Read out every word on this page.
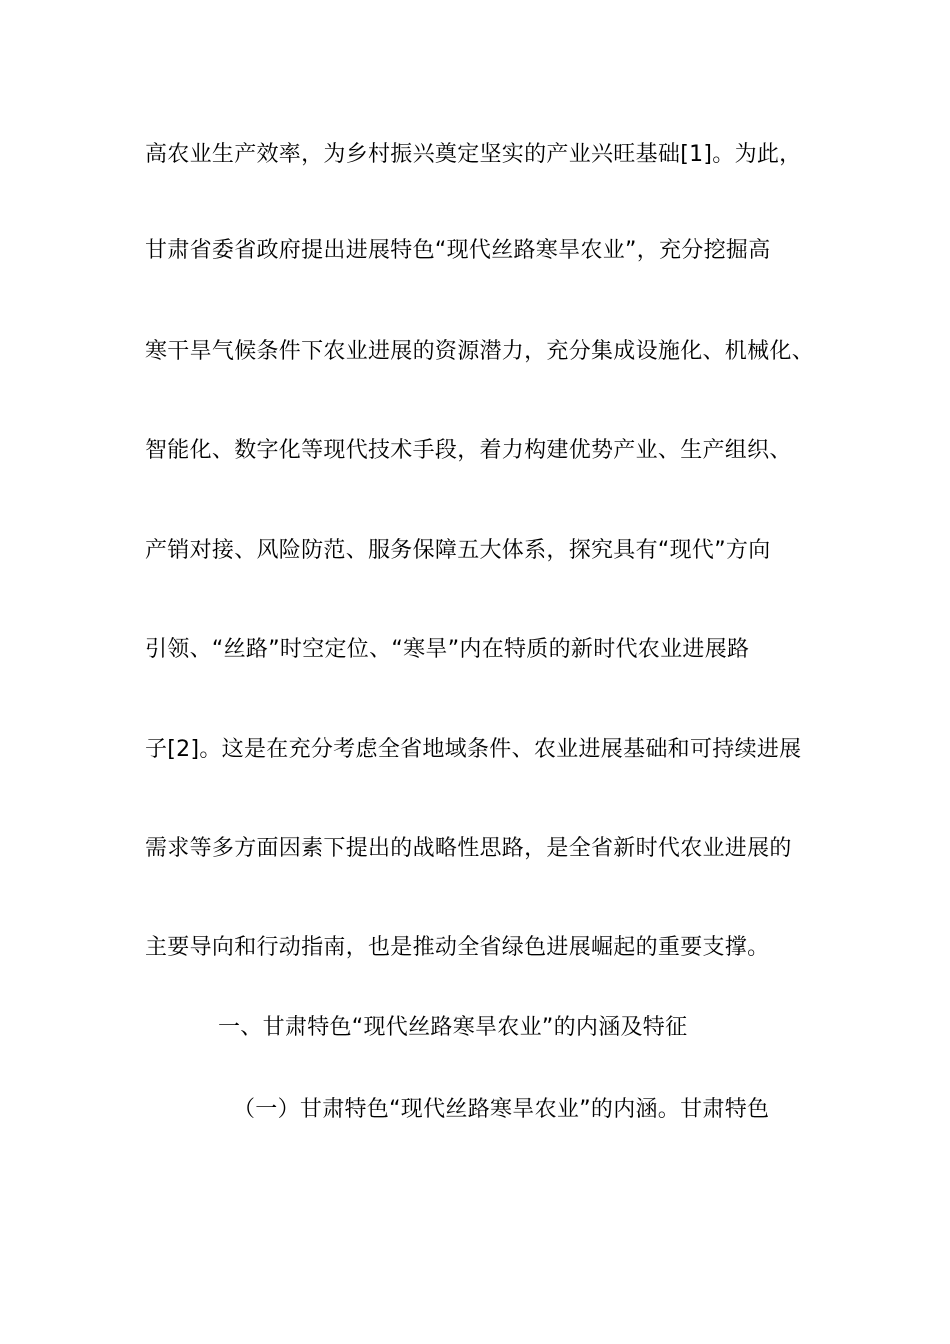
高农业生产效率，为乡村振兴奠定坚实的产业兴旺基础[1]。为此，
甘肃省委省政府提出进展特色“现代丝路寒旱农业”，充分挖掘高
寒干旱气候条件下农业进展的资源潜力，充分集成设施化、机械化、
智能化、数字化等现代技术手段，着力构建优势产业、生产组织、
产销对接、风险防范、服务保障五大体系，探究具有“现代”方向
引领、“丝路”时空定位、“寒旱”内在特质的新时代农业进展路
子[2]。这是在充分考虑全省地域条件、农业进展基础和可持续进展
需求等多方面因素下提出的战略性思路，是全省新时代农业进展的
主要导向和行动指南，也是推动全省绿色进展崛起的重要支撑。
一、甘肃特色“现代丝路寒旱农业”的内涵及特征
（一）甘肃特色“现代丝路寒旱农业”的内涵。甘肃特色
